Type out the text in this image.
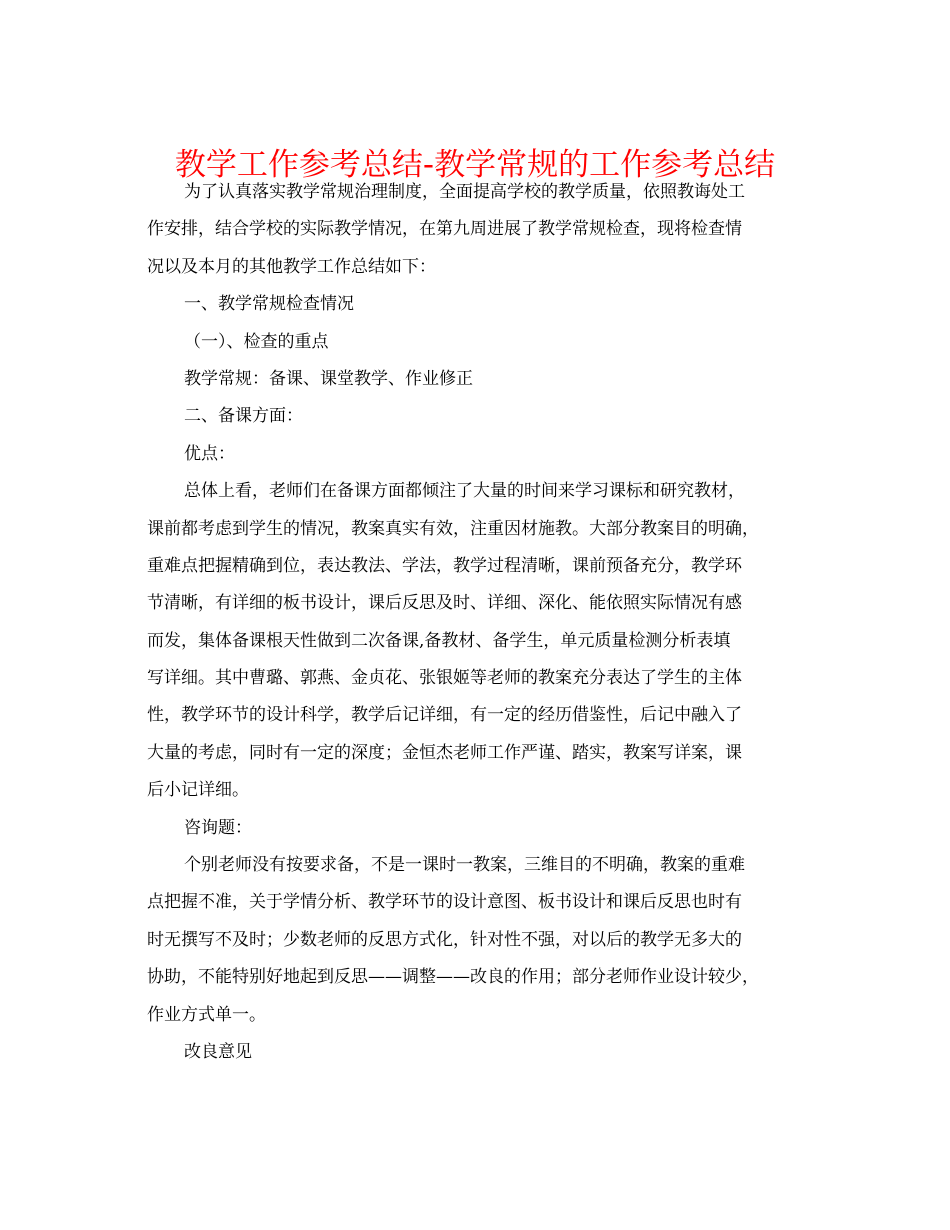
教学工作参考总结-教学常规的工作参考总结
为了认真落实教学常规治理制度，全面提高学校的教学质量，依照教诲处工
作安排，结合学校的实际教学情况，在第九周进展了教学常规检查，现将检查情
况以及本月的其他教学工作总结如下：
一、教学常规检查情况
（一）、检查的重点
教学常规：备课、课堂教学、作业修正
二、备课方面：
优点：
总体上看，老师们在备课方面都倾注了大量的时间来学习课标和研究教材，
课前都考虑到学生的情况，教案真实有效，注重因材施教。大部分教案目的明确，
重难点把握精确到位，表达教法、学法，教学过程清晰，课前预备充分，教学环
节清晰，有详细的板书设计，课后反思及时、详细、深化、能依照实际情况有感
而发，集体备课根天性做到二次备课,备教材、备学生，单元质量检测分析表填
写详细。其中曹璐、郭燕、金贞花、张银姬等老师的教案充分表达了学生的主体
性，教学环节的设计科学，教学后记详细，有一定的经历借鉴性，后记中融入了
大量的考虑，同时有一定的深度；金恒杰老师工作严谨、踏实，教案写详案，课
后小记详细。
咨询题：
个别老师没有按要求备，不是一课时一教案，三维目的不明确，教案的重难
点把握不准，关于学情分析、教学环节的设计意图、板书设计和课后反思也时有
时无撰写不及时；少数老师的反思方式化，针对性不强，对以后的教学无多大的
协助，不能特别好地起到反思——调整——改良的作用；部分老师作业设计较少，
作业方式单一。
改良意见
